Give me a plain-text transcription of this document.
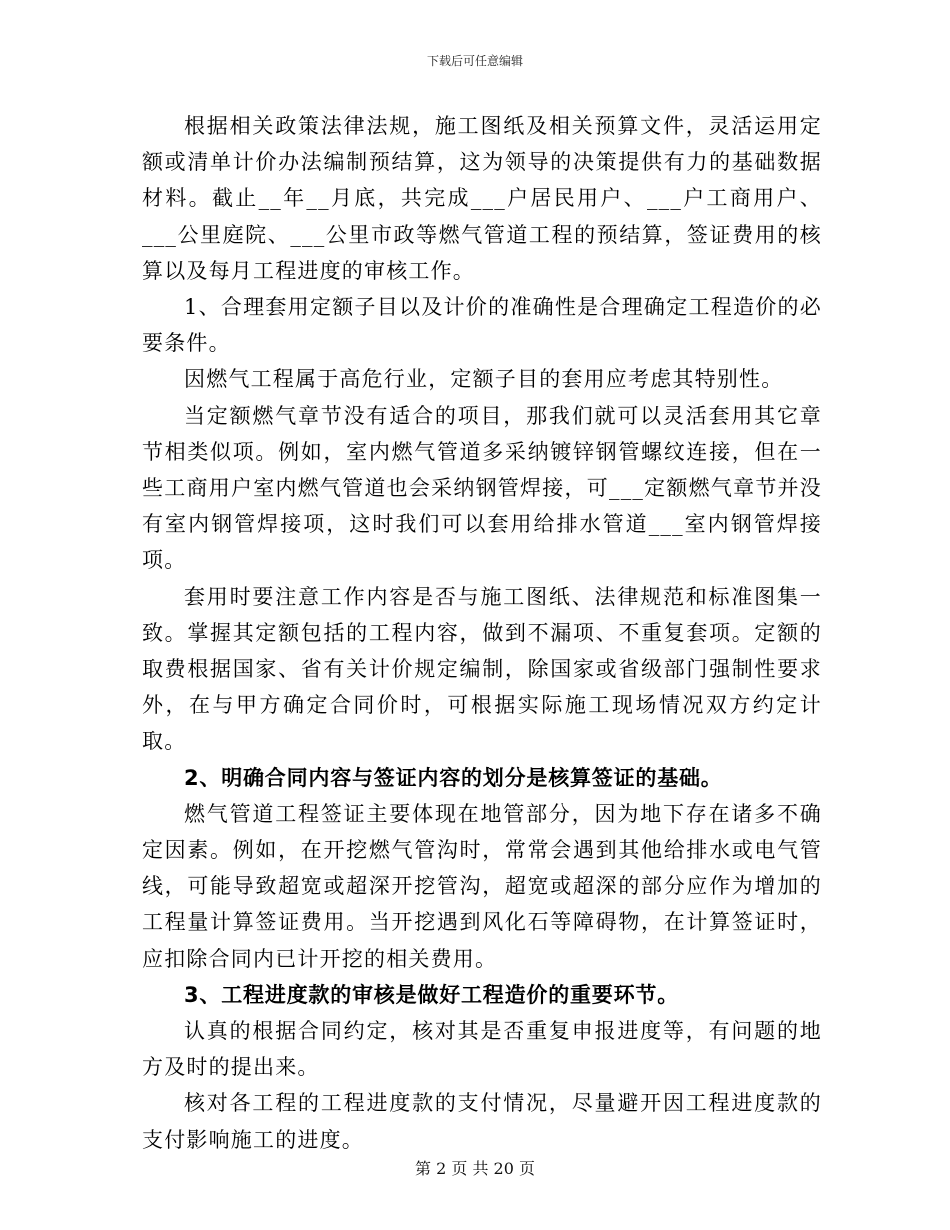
下载后可任意编辑

根据相关政策法律法规，施工图纸及相关预算文件，灵活运用定额或清单计价办法编制预结算，这为领导的决策提供有力的基础数据材料。截止__年__月底，共完成___户居民用户、___户工商用户、___公里庭院、___公里市政等燃气管道工程的预结算，签证费用的核算以及每月工程进度的审核工作。

1、合理套用定额子目以及计价的准确性是合理确定工程造价的必要条件。

因燃气工程属于高危行业，定额子目的套用应考虑其特别性。

当定额燃气章节没有适合的项目，那我们就可以灵活套用其它章节相类似项。例如，室内燃气管道多采纳镀锌钢管螺纹连接，但在一些工商用户室内燃气管道也会采纳钢管焊接，可___定额燃气章节并没有室内钢管焊接项，这时我们可以套用给排水管道___室内钢管焊接项。

套用时要注意工作内容是否与施工图纸、法律规范和标准图集一致。掌握其定额包括的工程内容，做到不漏项、不重复套项。定额的取费根据国家、省有关计价规定编制，除国家或省级部门强制性要求外，在与甲方确定合同价时，可根据实际施工现场情况双方约定计取。

2、明确合同内容与签证内容的划分是核算签证的基础。

燃气管道工程签证主要体现在地管部分，因为地下存在诸多不确定因素。例如，在开挖燃气管沟时，常常会遇到其他给排水或电气管线，可能导致超宽或超深开挖管沟，超宽或超深的部分应作为增加的工程量计算签证费用。当开挖遇到风化石等障碍物，在计算签证时，应扣除合同内已计开挖的相关费用。

3、工程进度款的审核是做好工程造价的重要环节。

认真的根据合同约定，核对其是否重复申报进度等，有问题的地方及时的提出来。

核对各工程的工程进度款的支付情况，尽量避开因工程进度款的支付影响施工的进度。

第 2 页 共 20 页
